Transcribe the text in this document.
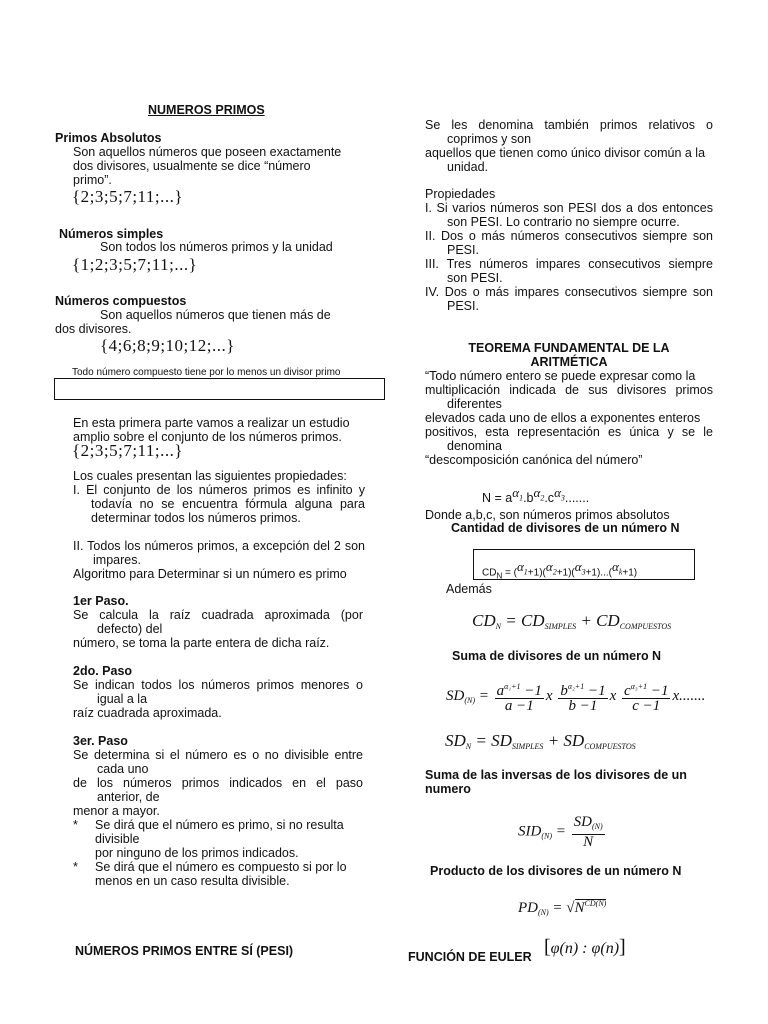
NUMEROS PRIMOS
Primos Absolutos
Son aquellos números que poseen exactamente
dos divisores, usualmente se dice “número
primo”.
{2;3;5;7;11;...}
Números simples
Son todos los números primos y la unidad
{1;2;3;5;7;11;...}
Números compuestos
Son aquellos números que tienen más de
dos divisores.
{4;6;8;9;10;12;...}
Todo número compuesto tiene por lo menos un divisor primo
En esta primera parte vamos a realizar un estudio
amplio sobre el conjunto de los números primos.
{2;3;5;7;11;...}
Los cuales presentan las siguientes propiedades:
I. El conjunto de los números primos es infinito y todavía no se encuentra fórmula alguna para determinar todos los números primos.
II. Todos los números primos, a excepción del 2 son impares.
Algoritmo para Determinar si un número es primo
1er Paso.
Se calcula la raíz cuadrada aproximada (por defecto) del
número, se toma la parte entera de dicha raíz.
2do. Paso
Se indican todos los números primos menores o igual a la
raíz cuadrada aproximada.
3er. Paso
Se determina si el número es o no divisible entre cada uno
de los números primos indicados en el paso anterior, de
menor a mayor.
* Se dirá que el número es primo, si no resulta divisible
por ninguno de los primos indicados.
* Se dirá que el número es compuesto si por lo menos en un caso resulta divisible.
NÚMEROS PRIMOS ENTRE SÍ (PESI)
Se les denomina también primos relativos o coprimos y son
aquellos que tienen como único divisor común a la unidad.
Propiedades
I. Si varios números son PESI dos a dos entonces son PESI. Lo contrario no siempre ocurre.
II. Dos o más números consecutivos siempre son PESI.
III. Tres números impares consecutivos siempre son PESI.
IV. Dos o más impares consecutivos siempre son PESI.
TEOREMA FUNDAMENTAL DE LA ARITMÉTICA
“Todo número entero se puede expresar como la
multiplicación indicada de sus divisores primos diferentes
elevados cada uno de ellos a exponentes enteros
positivos, esta representación es única y se le denomina
“descomposición canónica del número”
$N = a^{\alpha_1}.b^{\alpha_2}.c^{\alpha_3}$.......
Donde a,b,c, son números primos absolutos
Cantidad de divisores de un número N
$CD_N = (^{\alpha_1}+1)(^{\alpha_2}+1)(^{\alpha_3}+1)...(^{\alpha_k}+1)$
Además
$CD_N = CD_{SIMPLES} + CD_{COMPUESTOS}$
Suma de divisores de un número N
$SD_{(N)} = \frac{a^{\alpha_1+1} -1}{a -1}$ x $\frac{b^{\alpha_2+1} -1}{b -1}$ x $\frac{c^{\alpha_3+1} -1}{c -1} x$.......
$SD_N = SD_{SIMPLES} + SD_{COMPUESTOS}$
Suma de las inversas de los divisores de un numero
$SID_{(N)} = \frac{SD_{(N)}}{N}$
Producto de los divisores de un número N
$PD_{(N)} = √N^{CD(N)}$
FUNCIÓN DE EULER [φ(n) : φ(n)]
